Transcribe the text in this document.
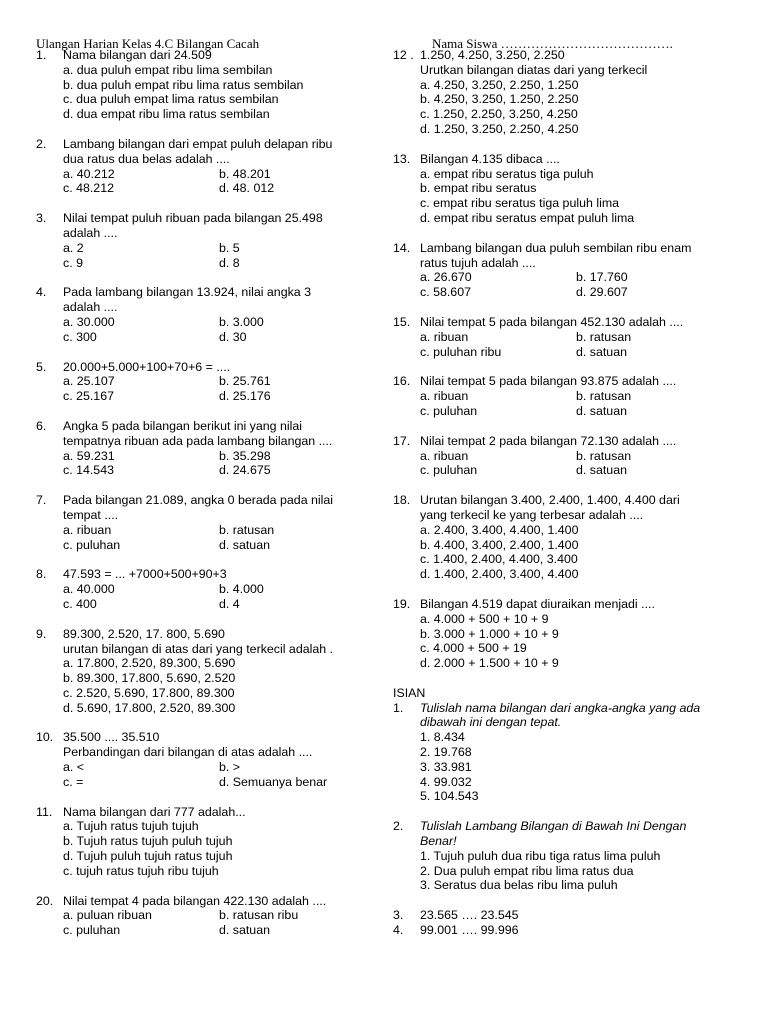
Ulangan Harian Kelas 4.C Bilangan Cacah	Nama Siswa ………………………………….
1.	Nama bilangan dari 24.509
a. dua puluh empat ribu lima sembilan
b. dua puluh empat ribu lima ratus sembilan
c. dua puluh empat lima ratus sembilan
d. dua empat ribu lima ratus sembilan
2.	Lambang bilangan dari empat puluh delapan ribu
dua ratus dua belas adalah ....
a. 40.212	b. 48.201
c. 48.212	d. 48. 012
3.	Nilai tempat puluh ribuan pada bilangan 25.498
adalah ....
a. 2	b. 5
c. 9	d. 8
4.	Pada lambang bilangan 13.924, nilai angka 3
adalah ....
a. 30.000	b. 3.000
c. 300	d. 30
5.	20.000+5.000+100+70+6 = ....
a. 25.107	b. 25.761
c. 25.167	d. 25.176
6.	Angka 5 pada bilangan berikut ini yang nilai
tempatnya ribuan ada pada lambang bilangan ....
a. 59.231	b. 35.298
c. 14.543	d. 24.675
7.	Pada bilangan 21.089, angka 0 berada pada nilai
tempat ....
a. ribuan	b. ratusan
c. puluhan	d. satuan
8.	47.593 = ... +7000+500+90+3
a. 40.000	b. 4.000
c. 400	d. 4
9.	89.300, 2.520, 17. 800, 5.690
urutan bilangan di atas dari yang terkecil adalah .
a. 17.800, 2.520, 89.300, 5.690
b. 89.300, 17.800, 5.690, 2.520
c. 2.520, 5.690, 17.800, 89.300
d. 5.690, 17.800, 2.520, 89.300
10. 35.500 .... 35.510
Perbandingan dari bilangan di atas adalah ....
a. <	b. >
c. =	d. Semuanya benar
11. Nama bilangan dari 777 adalah...
a. Tujuh ratus tujuh tujuh
b. Tujuh ratus tujuh puluh tujuh
d. Tujuh puluh tujuh ratus tujuh
c. tujuh ratus tujuh ribu tujuh
20. Nilai tempat 4 pada bilangan 422.130 adalah ....
a. puluan ribuan	b. ratusan ribu
c. puluhan	d. satuan
12 . 1.250, 4.250, 3.250, 2.250
Urutkan bilangan diatas dari yang terkecil
a. 4.250, 3.250, 2.250, 1.250
b. 4.250, 3.250, 1.250, 2.250
c. 1.250, 2.250, 3.250, 4.250
d. 1.250, 3.250, 2.250, 4.250
13. Bilangan 4.135 dibaca ....
a. empat ribu seratus tiga puluh
b. empat ribu seratus
c. empat ribu seratus tiga puluh lima
d. empat ribu seratus empat puluh lima
14. Lambang bilangan dua puluh sembilan ribu enam
ratus tujuh adalah ....
a. 26.670	b. 17.760
c. 58.607	d. 29.607
15. Nilai tempat 5 pada bilangan 452.130 adalah ....
a. ribuan	b. ratusan
c. puluhan ribu	d. satuan
16. Nilai tempat 5 pada bilangan 93.875 adalah ....
a. ribuan	b. ratusan
c. puluhan	d. satuan
17. Nilai tempat 2 pada bilangan 72.130 adalah ....
a. ribuan	b. ratusan
c. puluhan	d. satuan
18. Urutan bilangan 3.400, 2.400, 1.400, 4.400 dari
yang terkecil ke yang terbesar adalah ....
a. 2.400, 3.400, 4.400, 1.400
b. 4.400, 3.400, 2.400, 1.400
c. 1.400, 2.400, 4.400, 3.400
d. 1.400, 2.400, 3.400, 4.400
19. Bilangan 4.519 dapat diuraikan menjadi ....
a. 4.000 + 500 + 10 + 9
b. 3.000 + 1.000 + 10 + 9
c. 4.000 + 500 + 19
d. 2.000 + 1.500 + 10 + 9
ISIAN
1.	Tulislah nama bilangan dari angka-angka yang ada
dibawah ini dengan tepat.
1. 8.434
2. 19.768
3. 33.981
4. 99.032
5. 104.543
2.	Tulislah Lambang Bilangan di Bawah Ini Dengan
Benar!
1. Tujuh puluh dua ribu tiga ratus lima puluh
2. Dua puluh empat ribu lima ratus dua
3. Seratus dua belas ribu lima puluh
3.	23.565 …. 23.545
4.	99.001 …. 99.996
